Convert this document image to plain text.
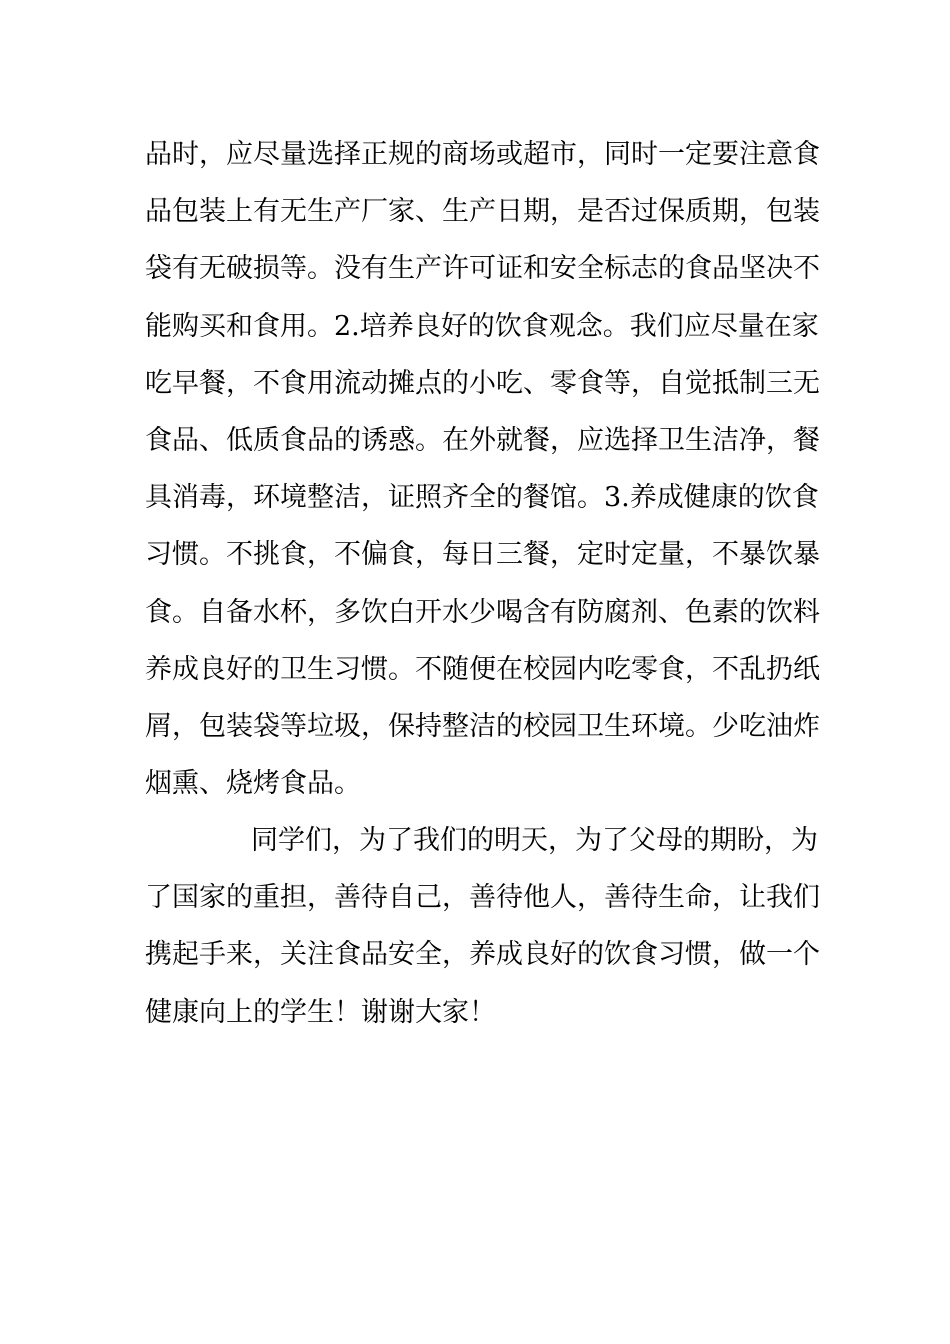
品时，应尽量选择正规的商场或超市，同时一定要注意食
品包装上有无生产厂家、生产日期，是否过保质期，包装
袋有无破损等。没有生产许可证和安全标志的食品坚决不
能购买和食用。2.培养良好的饮食观念。我们应尽量在家
吃早餐，不食用流动摊点的小吃、零食等，自觉抵制三无
食品、低质食品的诱惑。在外就餐，应选择卫生洁净，餐
具消毒，环境整洁，证照齐全的餐馆。3.养成健康的饮食
习惯。不挑食，不偏食，每日三餐，定时定量，不暴饮暴
食。自备水杯，多饮白开水少喝含有防腐剂、色素的饮料
养成良好的卫生习惯。不随便在校园内吃零食，不乱扔纸
屑，包装袋等垃圾，保持整洁的校园卫生环境。少吃油炸
烟熏、烧烤食品。
同学们，为了我们的明天，为了父母的期盼，为
了国家的重担，善待自己，善待他人，善待生命，让我们
携起手来，关注食品安全，养成良好的饮食习惯，做一个
健康向上的学生！谢谢大家！
